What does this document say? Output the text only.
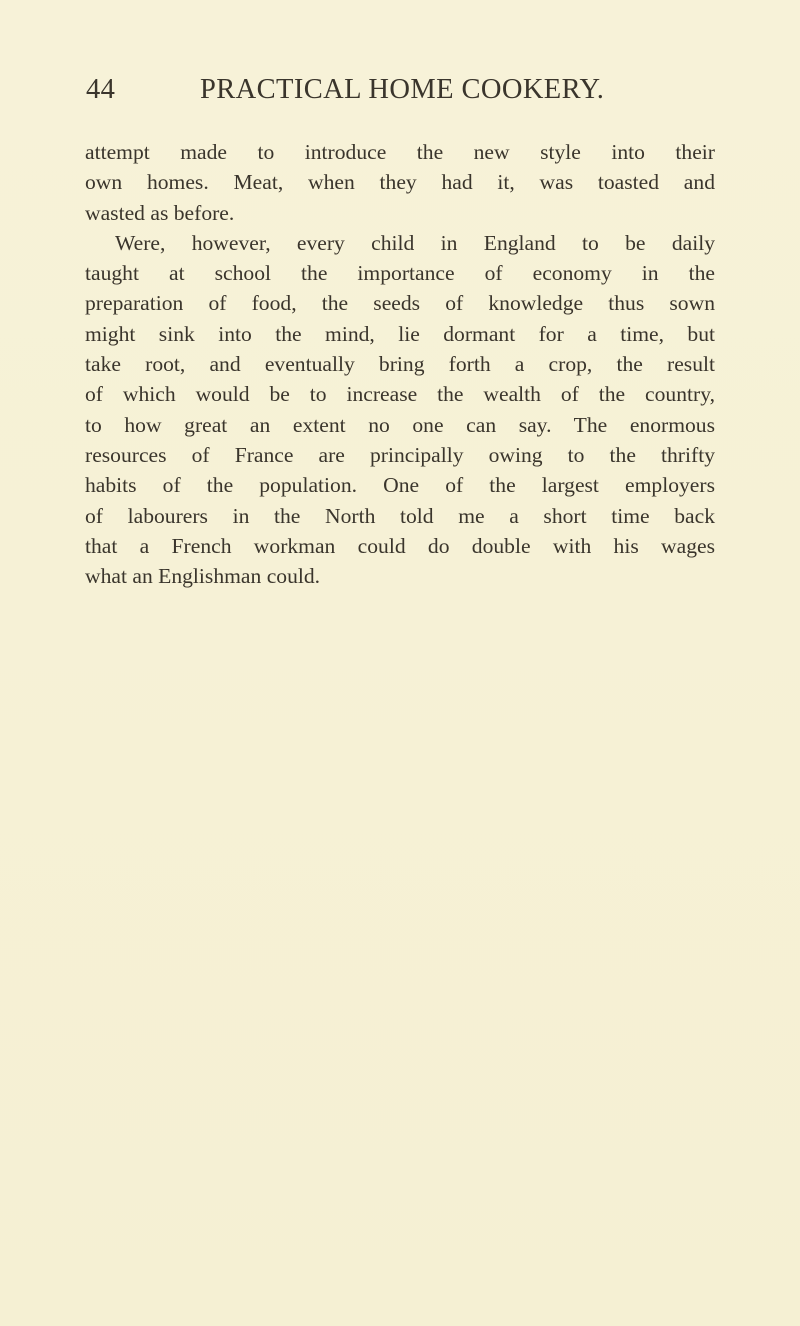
44	PRACTICAL HOME COOKERY.
attempt made to introduce the new style into their
own homes. Meat, when they had it, was toasted and
wasted as before.
Were, however, every child in England to be daily
taught at school the importance of economy in the
preparation of food, the seeds of knowledge thus sown
might sink into the mind, lie dormant for a time, but
take root, and eventually bring forth a crop, the result
of which would be to increase the wealth of the country,
to how great an extent no one can say. The enormous
resources of France are principally owing to the thrifty
habits of the population. One of the largest employers
of labourers in the North told me a short time back
that a French workman could do double with his wages
what an Englishman could.
